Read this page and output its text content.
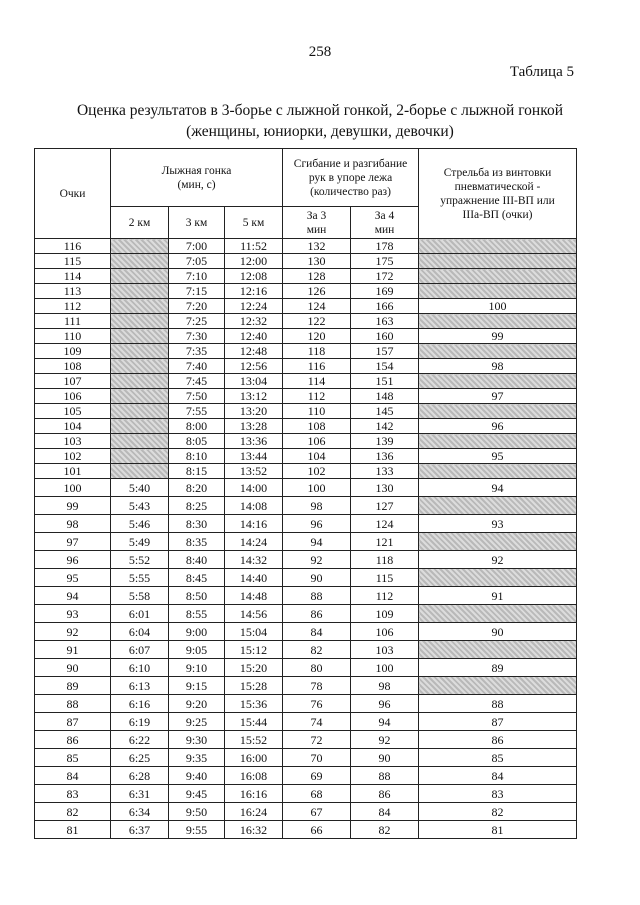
258
Таблица 5
Оценка результатов в 3-борье с лыжной гонкой, 2-борье с лыжной гонкой
(женщины, юниорки, девушки, девочки)
Очки	Лыжная гонка (мин, с)			Сгибание и разгибание рук в упоре лежа (количество раз)		Стрельба из винтовки пневматической - упражнение III-ВП или IIIa-ВП (очки)
	2 км	3 км	5 км	За 3 мин	За 4 мин	
116		7:00	11:52	132	178	
115		7:05	12:00	130	175	
114		7:10	12:08	128	172	
113		7:15	12:16	126	169	
112		7:20	12:24	124	166	100
111		7:25	12:32	122	163	
110		7:30	12:40	120	160	99
109		7:35	12:48	118	157	
108		7:40	12:56	116	154	98
107		7:45	13:04	114	151	
106		7:50	13:12	112	148	97
105		7:55	13:20	110	145	
104		8:00	13:28	108	142	96
103		8:05	13:36	106	139	
102		8:10	13:44	104	136	95
101		8:15	13:52	102	133	
100	5:40	8:20	14:00	100	130	94
99	5:43	8:25	14:08	98	127	
98	5:46	8:30	14:16	96	124	93
97	5:49	8:35	14:24	94	121	
96	5:52	8:40	14:32	92	118	92
95	5:55	8:45	14:40	90	115	
94	5:58	8:50	14:48	88	112	91
93	6:01	8:55	14:56	86	109	
92	6:04	9:00	15:04	84	106	90
91	6:07	9:05	15:12	82	103	
90	6:10	9:10	15:20	80	100	89
89	6:13	9:15	15:28	78	98	
88	6:16	9:20	15:36	76	96	88
87	6:19	9:25	15:44	74	94	87
86	6:22	9:30	15:52	72	92	86
85	6:25	9:35	16:00	70	90	85
84	6:28	9:40	16:08	69	88	84
83	6:31	9:45	16:16	68	86	83
82	6:34	9:50	16:24	67	84	82
81	6:37	9:55	16:32	66	82	81
